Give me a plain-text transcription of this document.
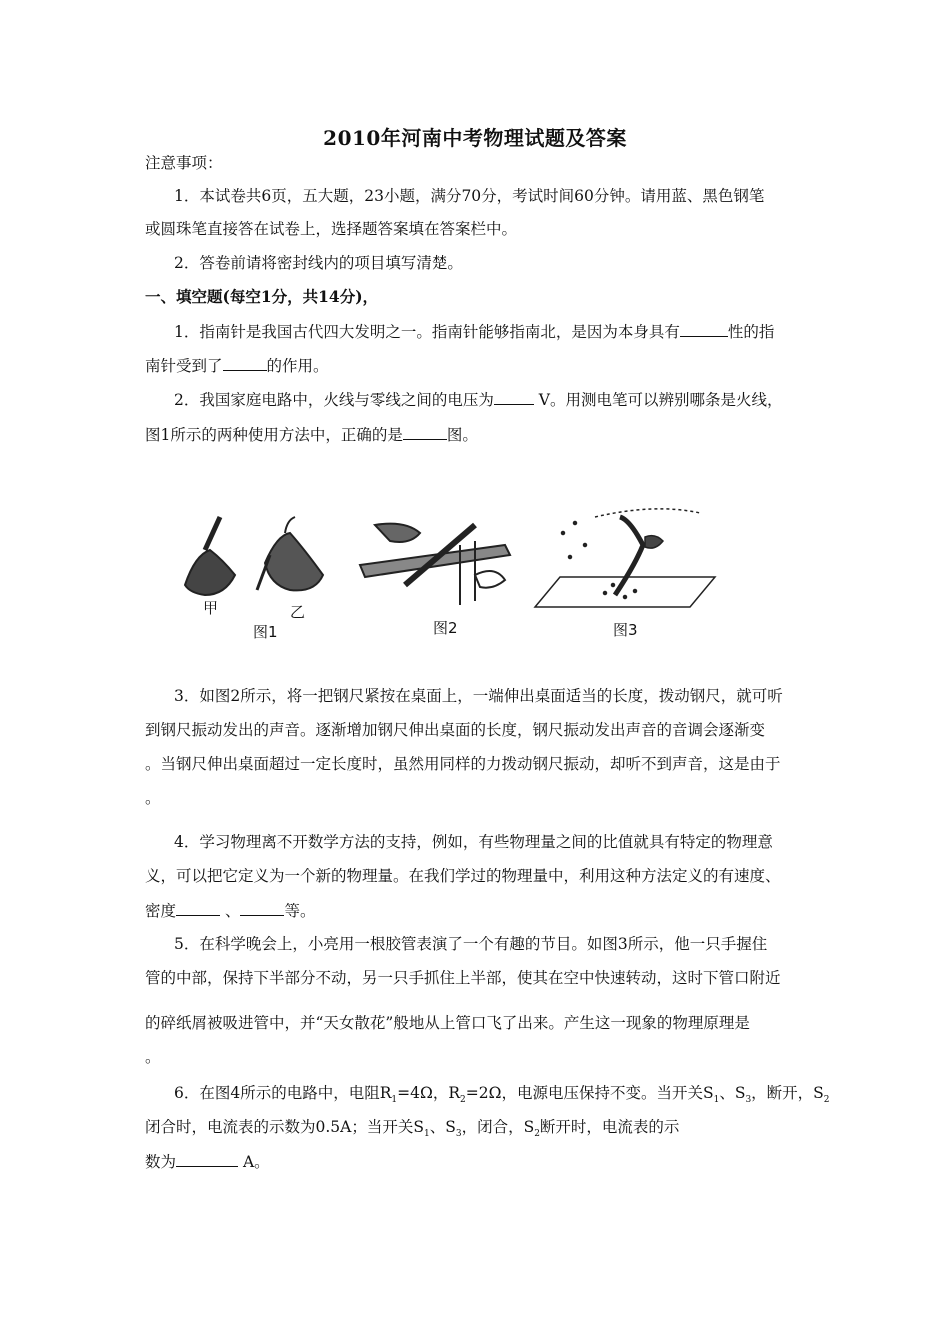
2010年河南中考物理试题及答案
注意事项：
1．本试卷共6页，五大题，23小题，满分70分，考试时间60分钟。请用蓝、黑色钢笔
或圆珠笔直接答在试卷上，选择题答案填在答案栏中。
2．答卷前请将密封线内的项目填写清楚。
一、填空题(每空1分，共14分)，
1．指南针是我国古代四大发明之一。指南针能够指南北，是因为本身具有	性的指
南针受到了	的作用。
2．我国家庭电路中，火线与零线之间的电压为	V。用测电笔可以辨别哪条是火线，
图1所示的两种使用方法中，正确的是	图。
甲	乙
图1	图2	图3
3．如图2所示，将一把钢尺紧按在桌面上，一端伸出桌面适当的长度，拨动钢尺，就可听
到钢尺振动发出的声音。逐渐增加钢尺伸出桌面的长度，钢尺振动发出声音的音调会逐渐变
。当钢尺伸出桌面超过一定长度时，虽然用同样的力拨动钢尺振动，却听不到声音，这是由于
。
4．学习物理离不开数学方法的支持，例如，有些物理量之间的比值就具有特定的物理意
义，可以把它定义为一个新的物理量。在我们学过的物理量中，利用这种方法定义的有速度、
密度	、	等。
5．在科学晚会上，小亮用一根胶管表演了一个有趣的节目。如图3所示，他一只手握住
管的中部，保持下半部分不动，另一只手抓住上半部，使其在空中快速转动，这时下管口附近
的碎纸屑被吸进管中，并“天女散花”般地从上管口飞了出来。产生这一现象的物理原理是
。
6．在图4所示的电路中，电阻$R_1=4\Omega$，$R_2=2\Omega$，电源电压保持不变。当开关$S_1$、$S_3$，断开，$S_2$
闭合时，电流表的示数为0.5A；当开关$S_1$、$S_3$，闭合，$S_2$断开时，电流表的示
数为	A。
